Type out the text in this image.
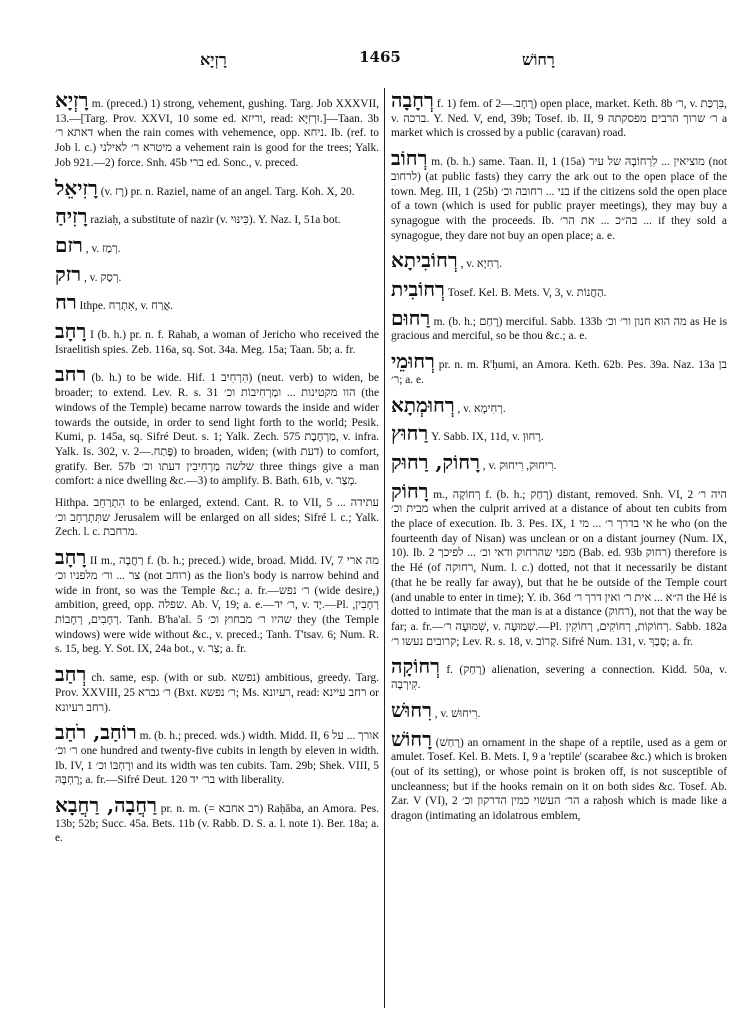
רָזְיָא	1465	רָחוֹשׁ

רָזְיָא m. (preced.) 1) strong, vehement, gushing. Targ. Job XXXVII, 13.—[Targ. Prov. XXVI, 10 some ed. וריזא, read: וּרְזִיָּא.]—Taan. 3b דאתא ר׳ when the rain comes with vehemence, opp. ניחא. Ib. (ref. to Job l. c.) מיטרא ר׳ לאילני a vehement rain is good for the trees; Yalk. Job 921.—2) force. Snh. 45b ברי ed. Sonc., v. preced.

רָזִיאֵל (v. רָז) pr. n. Raziel, name of an angel. Targ. Koh. X, 20.

רָזִיחַ raziaḥ, a substitute of nazir (v. כִּינּוּי). Y. Naz. I, 51a bot.

רזם , v. רְמַז.

רזק , v. רְסַק.

רח Ithpe. אִתְרַח, v. אֲרַח.

רָחָב I (b. h.) pr. n. f. Rahab, a woman of Jericho who received the Israelitish spies. Zeb. 116a, sq. Sot. 34a. Meg. 15a; Taan. 5b; a. fr.

רחב (b. h.) to be wide. Hif. הִרְחִיב 1) (neut. verb) to widen, be broader; to extend. Lev. R. s. 31 הוו מקטינות ... ומַרְחִיבוֹת וכ׳ (the windows of the Temple) became narrow towards the inside and wider towards the outside, in order to send light forth to the world; Pesik. Kumi, p. 145a, sq. Sifré Deut. s. 1; Yalk. Zech. 575 מַרְחֶבֶת, v. infra. Yalk. Is. 302, v. פֶּתַח.—2) to broaden, widen; (with דעת) to comfort, gratify. Ber. 57b שלשה מַרְחִיבִין דעתו וכ׳ three things give a man comfort: a nice dwelling &c.—3) to amplify. B. Bath. 61b, v. מְצַר.

Hithpa. הִתְרַחֵב to be enlarged, extend. Cant. R. to VII, 5 עתידה ... שתִּתְרַחֵב וכ׳ Jerusalem will be enlarged on all sides; Sifré l. c.; Yalk. Zech. l. c. מרחבת.

רָחָב II m., רַחֲבָה f. (b. h.; preced.) wide, broad. Midd. IV, 7 מה ארי צר ... ור׳ מלפניו וכ׳ (not רוחב) as the lion's body is narrow behind and wide in front, so was the Temple &c.; a. fr.—ר׳ נפש (wide desire,) ambition, greed, opp. שפלה. Ab. V, 19; a. e.—ר׳ יד, v. יָד.—Pl. רְחָבִין, רְחָבִים, רְחָבוֹת. Tanh. B'ha'al. 5 שהיו ר׳ מבחוץ וכ׳ they (the Temple windows) were wide without &c., v. preced.; Tanh. T'tsav. 6; Num. R. s. 15, beg. Y. Sot. IX, 24a bot., v. צַר; a. fr.

רְחַב ch. same, esp. (with or sub. נפשא) ambitious, greedy. Targ. Prov. XXVIII, 25 ר׳ גברא (Bxt. ר׳ נפשא; Ms. רעיונא, read: רחב עיינא or רחב רעיונא).

רוֹחַב, רֹחַב m. (b. h.; preced. wds.) width. Midd. II, 6 אורך ... על ר׳ וכ׳ one hundred and twenty-five cubits in length by eleven in width. Ib. IV, 1 ורָחְבּוֹ וכ׳ and its width was ten cubits. Tam. 29b; Shek. VIII, 5 רָחְבָּהּ; a. fr.—Sifré Deut. 120 בר׳ יד with liberality.

רַחֲבָה, רַחֲבָא pr. n. m. (= רב אחבא) Raḥăba, an Amora. Pes. 13b; 52b; Succ. 45a. Bets. 11b (v. Rabb. D. S. a. l. note 1). Ber. 18a; a. e.

רְחָבָה f. 1) fem. of רָחָב.—2) open place, market. Keth. 8b ר׳, v. בִּרְכַּת, v. ברכה. Y. Ned. V, end, 39b; Tosef. ib. II, 9 ר׳ שרוך הרבים מפסקתה a market which is crossed by a public (caravan) road.

רְחוֹב m. (b. h.) same. Taan. II, 1 (15a) מוציאין ... לִרְחוֹבָהּ של עיר (not לרחוב) (at public fasts) they carry the ark out to the open place of the town. Meg. III, 1 (25b) בני ... רחובה וכ׳ if the citizens sold the open place of a town (which is used for public prayer meetings), they may buy a synagogue with the proceeds. Ib. בה״כ ... את הר׳ ... if they sold a synagogue, they dare not buy an open place; a. e.

רְחוֹבִיתָא , v. רְחִיָא.

רְחוֹבִית Tosef. Kel. B. Mets. V, 3, v. הַחֲנוֹת.

רַחוּם m. (b. h.; רָחַם) merciful. Sabb. 133b מה הוא חנון ור׳ וכ׳ as He is gracious and merciful, so be thou &c.; a. e.

רְחוּמֵי pr. n. m. R'ḥumi, an Amora. Keth. 62b. Pes. 39a. Naz. 13a בן ר׳; a. e.

רְחוּמְתָא , v. רְחִימָא.

רַחוּץ Y. Sabb. IX, 11d, v. רָחוּן.

רָחוֹק, רַחוּק , v. רִיחוּק, רִיחוּק.

רָחוֹק m., רְחוֹקָה f. (b. h.; רָחַק) distant, removed. Snh. VI, 2 היה ר׳ מבית וכ׳ when the culprit arrived at a distance of about ten cubits from the place of execution. Ib. 3. Pes. IX, 1 אי בדרך ר׳ ... מי he who (on the fourteenth day of Nisan) was unclean or on a distant journey (Num. IX, 10). Ib. 2 מפני שהרחוק ודאי וכ׳ ... לפיכך (Bab. ed. 93b רחוק) therefore is the Hé (of רחוקה, Num. l. c.) dotted, not that it necessarily be distant (that he be really far away), but that he be outside of the Temple court (and unable to enter in time); Y. ib. 36d ה״א ... אית ר׳ ואין דרך ר׳ the Hé is dotted to intimate that the man is at a distance (רחוק), not that the way be far; a. fr.—שְׁמוּעָה ר׳, v. שְׁמוּעָה.—Pl. רְחוֹקוֹת, רְחוֹקִים, רְחוֹקִין. Sabb. 182a קרובים נעשו ר׳; Lev. R. s. 18, v. קָרוֹב. Sifré Num. 131, v. סָבַךְ; a. fr.

רְחוֹקָה f. (רָחַק) alienation, severing a connection. Kidd. 50a, v. קִירְבָה.

רִחוּשׁ , v. רִיחוּשׁ.

רָחוֹשׁ (רָחַשׁ) an ornament in the shape of a reptile, used as a gem or amulet. Tosef. Kel. B. Mets. I, 9 a 'reptile' (scarabee &c.) which is broken (out of its setting), or whose point is broken off, is not susceptible of uncleanness; but if the hooks remain on it on both sides &c. Tosef. Ab. Zar. V (VI), 2 הר׳ העשוי כמין הדרקון וכ׳ a raḥosh which is made like a dragon (intimating an idolatrous emblem,
